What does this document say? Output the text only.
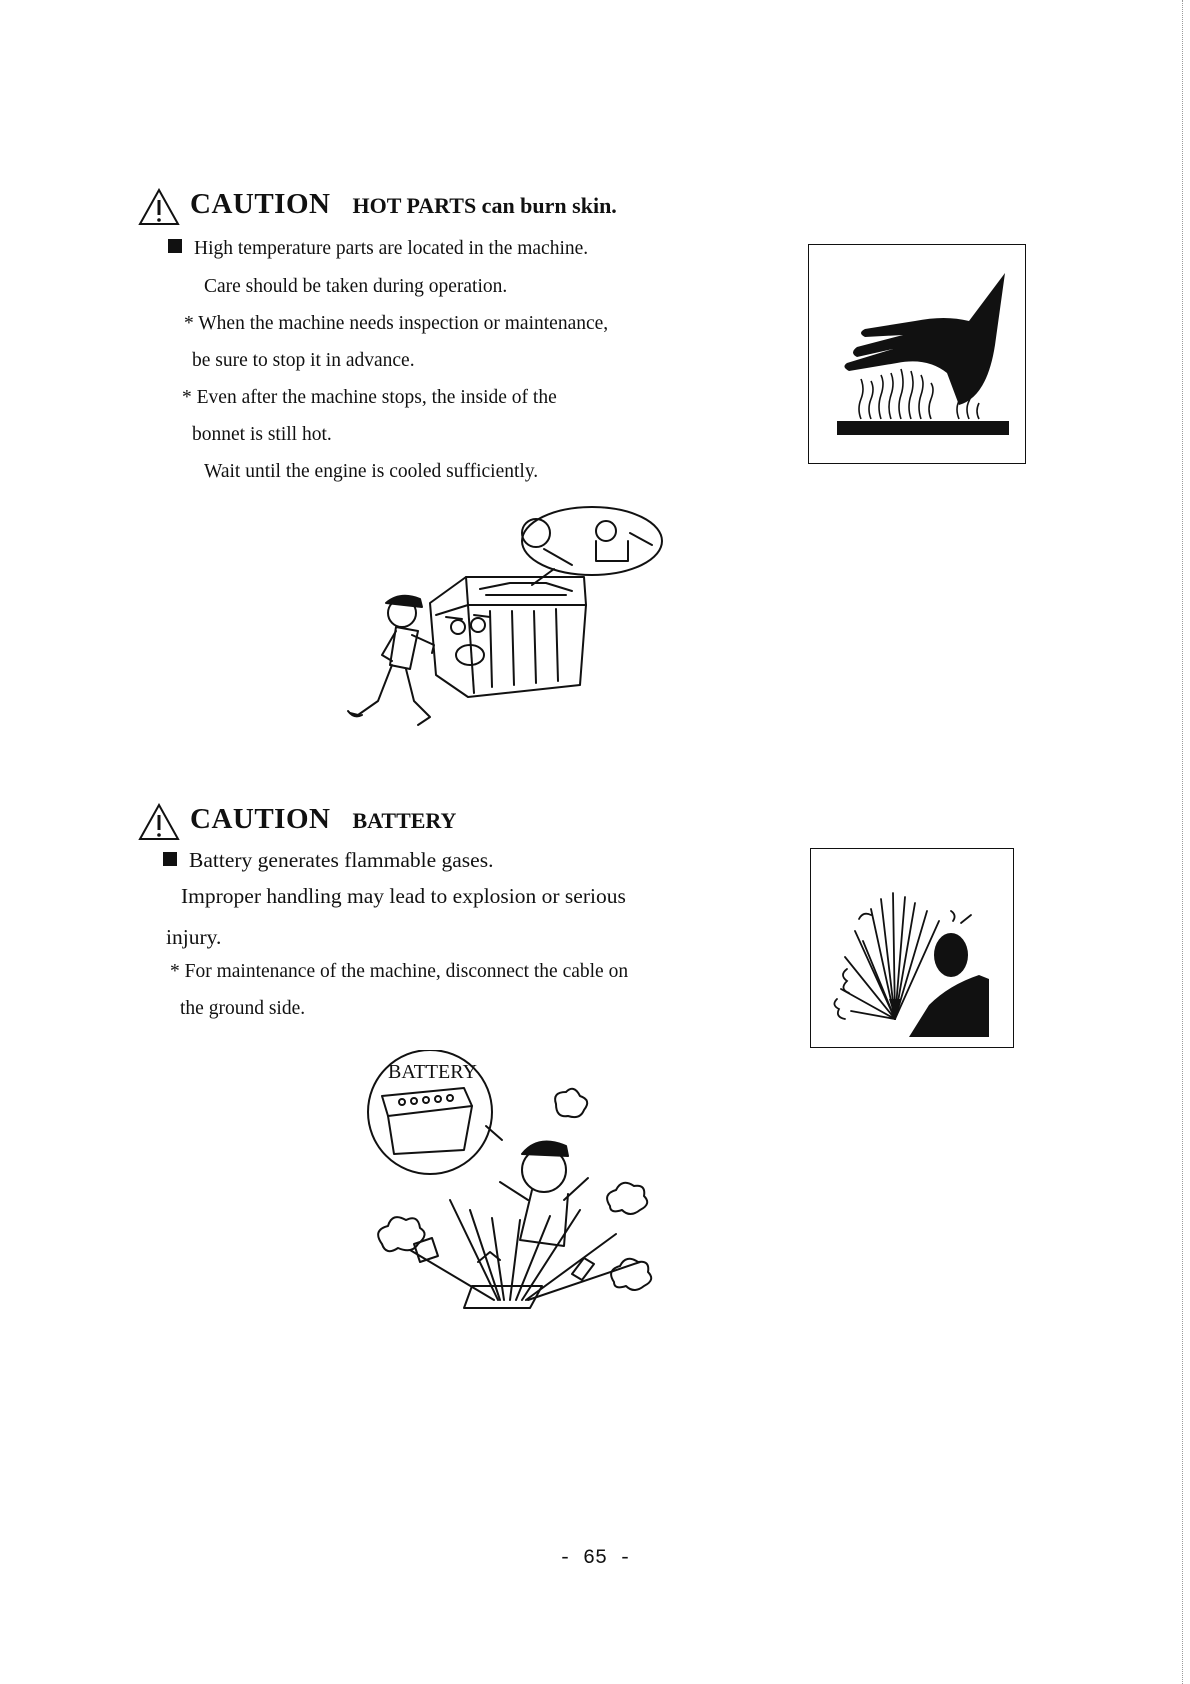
CAUTION HOT PARTS can burn skin.
High temperature parts are located in the machine.
Care should be taken during operation.
* When the machine needs inspection or maintenance,
be sure to stop it in advance.
* Even after the machine stops, the inside of the
bonnet is still hot.
Wait until the engine is cooled sufficiently.
CAUTION BATTERY
Battery generates flammable gases.
Improper handling may lead to explosion or serious
injury.
* For maintenance of the machine, disconnect the cable on
the ground side.
BATTERY
- 65 -
